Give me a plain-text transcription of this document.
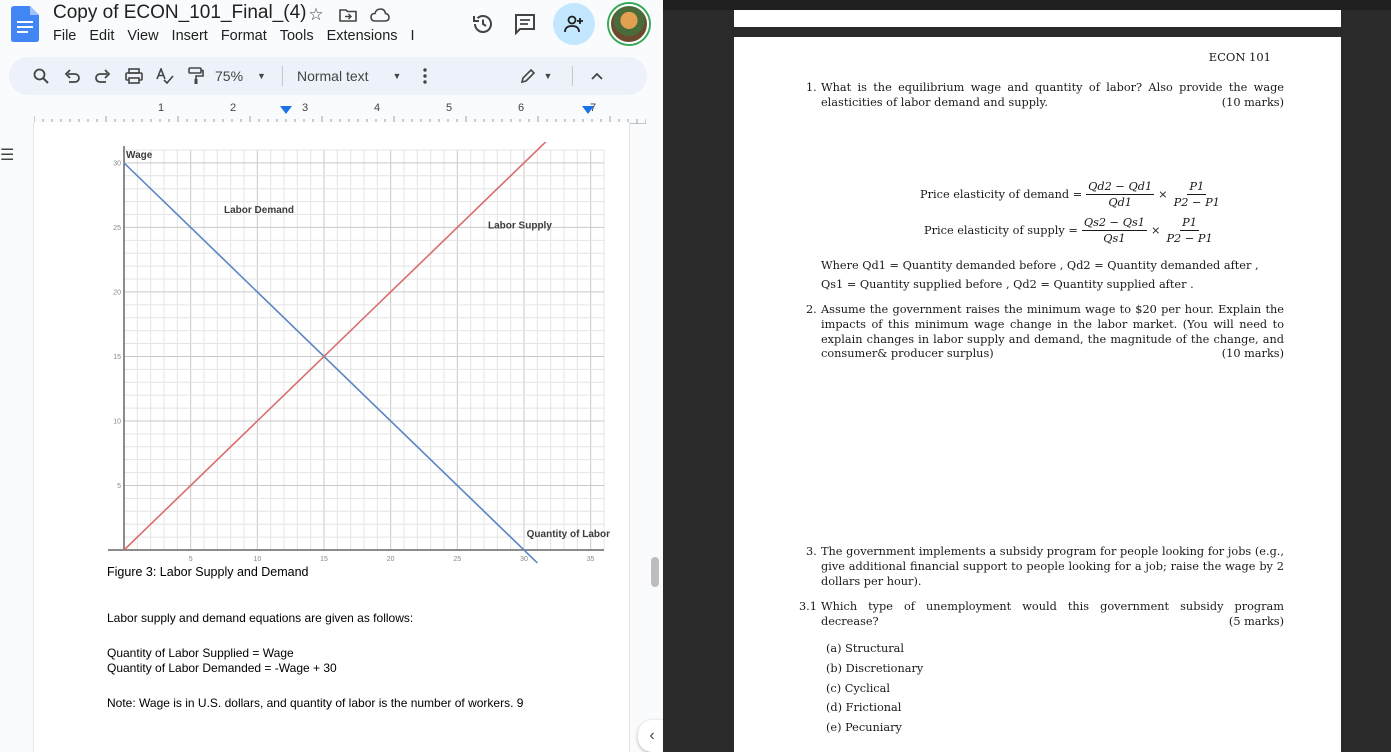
Copy of ECON_101_Final_(4) ☆
File Edit View Insert Format Tools Extensions I
75% ▼ Normal text	▼	▼
1	2	3	4	5	6	7
☰
5	10	15	20	25	30	35
5
10
15
20
25
30
Wage
Labor Demand
Labor Supply
Quantity of Labor
Figure 3: Labor Supply and Demand
Labor supply and demand equations are given as follows:
Quantity of Labor Supplied = Wage
Quantity of Labor Demanded = -Wage + 30
Note: Wage is in U.S. dollars, and quantity of labor is the number of workers. 9
‹
ECON 101
1. What is the equilibrium wage and quantity of labor? Also provide the wage elasticities of labor demand and supply.	(10 marks)
Price elasticity of demand = $\frac{Qd2 - Qd1}{Qd1} \times \frac{P1}{P2 - P1}$
Price elasticity of supply = $\frac{Qs2 - Qs1}{Qs1} \times \frac{P1}{P2 - P1}$
Where Qd1 = Quantity demanded before , Qd2 = Quantity demanded after ,
Qs1 = Quantity supplied before , Qd2 = Quantity supplied after .
2. Assume the government raises the minimum wage to $20 per hour. Explain the impacts of this minimum wage change in the labor market. (You will need to explain changes in labor supply and demand, the magnitude of the change, and consumer& producer surplus)	(10 marks)
3. The government implements a subsidy program for people looking for jobs (e.g., give additional financial support to people looking for a job; raise the wage by 2 dollars per hour).
3.1 Which type of unemployment would this government subsidy program decrease?	(5 marks)
(a) Structural
(b) Discretionary
(c) Cyclical
(d) Frictional
(e) Pecuniary
